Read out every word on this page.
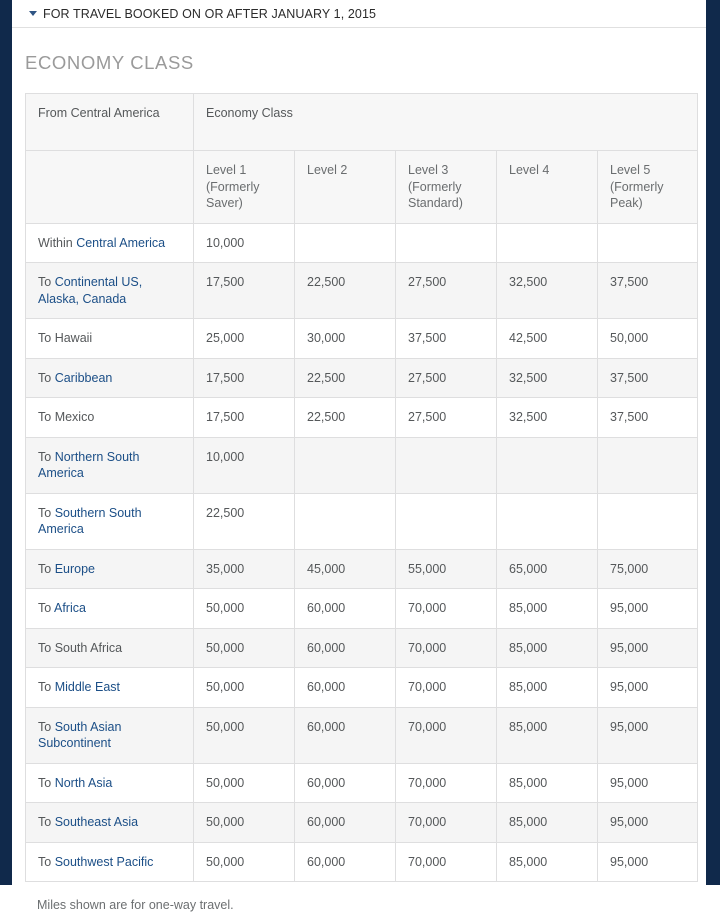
FOR TRAVEL BOOKED ON OR AFTER JANUARY 1, 2015
ECONOMY CLASS
From Central America	Economy Class				
	Level 1 (Formerly Saver)	Level 2	Level 3 (Formerly Standard)	Level 4	Level 5 (Formerly Peak)
Within Central America	10,000				
To Continental US, Alaska, Canada	17,500	22,500	27,500	32,500	37,500
To Hawaii	25,000	30,000	37,500	42,500	50,000
To Caribbean	17,500	22,500	27,500	32,500	37,500
To Mexico	17,500	22,500	27,500	32,500	37,500
To Northern South America	10,000				
To Southern South America	22,500				
To Europe	35,000	45,000	55,000	65,000	75,000
To Africa	50,000	60,000	70,000	85,000	95,000
To South Africa	50,000	60,000	70,000	85,000	95,000
To Middle East	50,000	60,000	70,000	85,000	95,000
To South Asian Subcontinent	50,000	60,000	70,000	85,000	95,000
To North Asia	50,000	60,000	70,000	85,000	95,000
To Southeast Asia	50,000	60,000	70,000	85,000	95,000
To Southwest Pacific	50,000	60,000	70,000	85,000	95,000
Miles shown are for one-way travel.
